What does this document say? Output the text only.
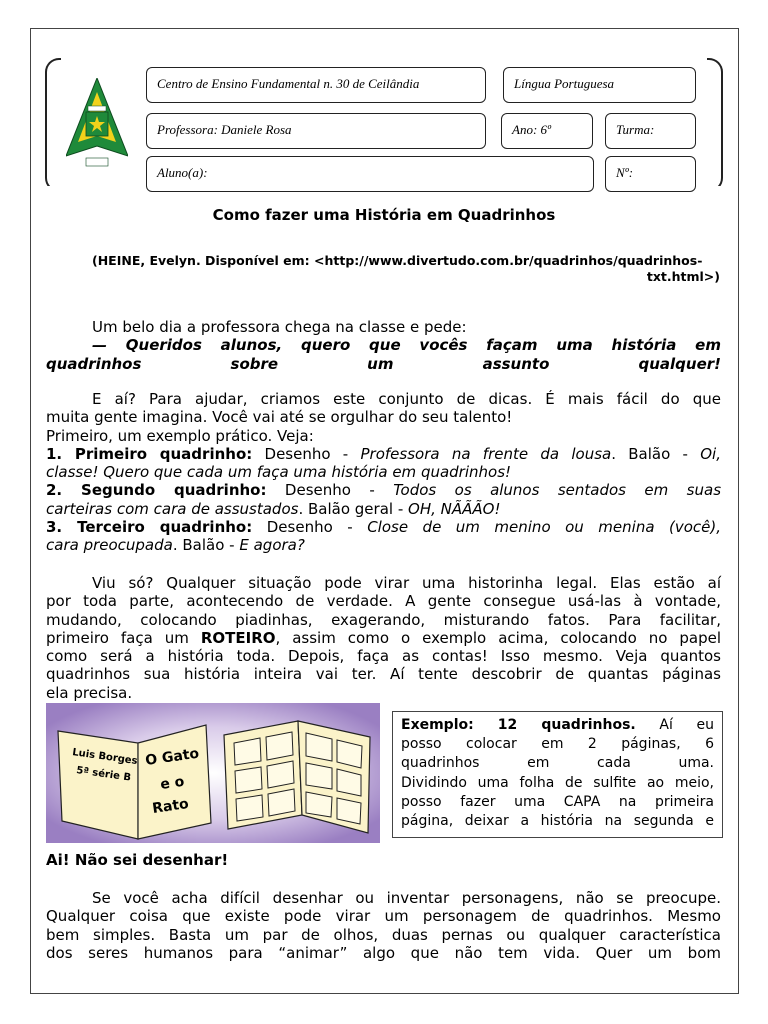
Centro de Ensino Fundamental n. 30 de Ceilândia	Língua Portuguesa
Professora: Daniele Rosa	Ano: 6º	Turma:
Aluno(a):	Nº:
Como fazer uma História em Quadrinhos
(HEINE, Evelyn. Disponível em: <http://www.divertudo.com.br/quadrinhos/quadrinhos-
txt.html>)
Um belo dia a professora chega na classe e pede:
— Queridos alunos, quero que vocês façam uma história em
quadrinhos sobre um assunto qualquer!
E aí? Para ajudar, criamos este conjunto de dicas. É mais fácil do que
muita gente imagina. Você vai até se orgulhar do seu talento!
Primeiro, um exemplo prático. Veja:
1. Primeiro quadrinho: Desenho - Professora na frente da lousa. Balão - Oi,
classe! Quero que cada um faça uma história em quadrinhos!
2. Segundo quadrinho: Desenho - Todos os alunos sentados em suas
carteiras com cara de assustados. Balão geral - OH, NÃÃÃO!
3. Terceiro quadrinho: Desenho - Close de um menino ou menina (você),
cara preocupada. Balão - E agora?
Viu só? Qualquer situação pode virar uma historinha legal. Elas estão aí
por toda parte, acontecendo de verdade. A gente consegue usá-las à vontade,
mudando, colocando piadinhas, exagerando, misturando fatos. Para facilitar,
primeiro faça um ROTEIRO, assim como o exemplo acima, colocando no papel
como será a história toda. Depois, faça as contas! Isso mesmo. Veja quantos
quadrinhos sua história inteira vai ter. Aí tente descobrir de quantas páginas
ela precisa.
Luis Borges
5ª série B
O Gato
e o
Rato
Exemplo: 12 quadrinhos. Aí eu
posso colocar em 2 páginas, 6
quadrinhos em cada uma.
Dividindo uma folha de sulfite ao meio,
posso fazer uma CAPA na primeira
página, deixar a história na segunda e
Ai! Não sei desenhar!
Se você acha difícil desenhar ou inventar personagens, não se preocupe.
Qualquer coisa que existe pode virar um personagem de quadrinhos. Mesmo
bem simples. Basta um par de olhos, duas pernas ou qualquer característica
dos seres humanos para “animar” algo que não tem vida. Quer um bom
